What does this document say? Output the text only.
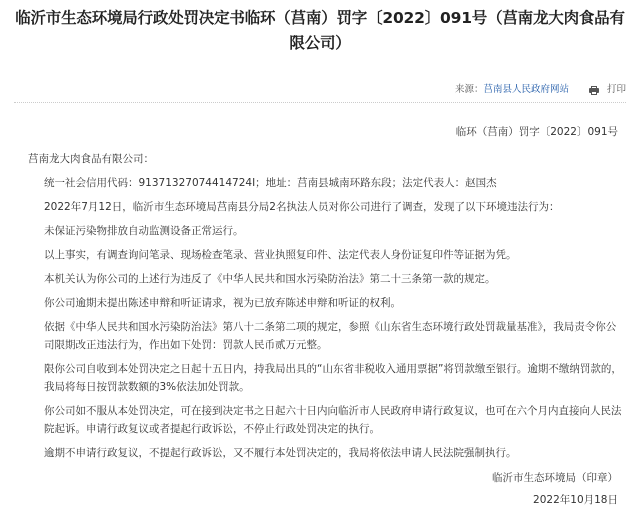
临沂市生态环境局行政处罚决定书临环（莒南）罚字〔2022〕091号（莒南龙大肉食品有限公司）
来源： 莒南县人民政府网站	打印
临环（莒南）罚字〔2022〕091号
莒南龙大肉食品有限公司：
统一社会信用代码：91371327074414724I；地址：莒南县城南环路东段；法定代表人：赵国杰
2022年7月12日，临沂市生态环境局莒南县分局2名执法人员对你公司进行了调查，发现了以下环境违法行为：
未保证污染物排放自动监测设备正常运行。
以上事实，有调查询问笔录、现场检查笔录、营业执照复印件、法定代表人身份证复印件等证据为凭。
本机关认为你公司的上述行为违反了《中华人民共和国水污染防治法》第二十三条第一款的规定。
你公司逾期未提出陈述申辩和听证请求，视为已放弃陈述申辩和听证的权利。
依据《中华人民共和国水污染防治法》第八十二条第二项的规定，参照《山东省生态环境行政处罚裁量基准》，我局责令你公司限期改正违法行为，作出如下处罚：罚款人民币贰万元整。
限你公司自收到本处罚决定之日起十五日内，持我局出具的“山东省非税收入通用票据”将罚款缴至银行。逾期不缴纳罚款的，我局将每日按罚款数额的3%依法加处罚款。
你公司如不服从本处罚决定，可在接到决定书之日起六十日内向临沂市人民政府申请行政复议，也可在六个月内直接向人民法院起诉。申请行政复议或者提起行政诉讼，不停止行政处罚决定的执行。
逾期不申请行政复议，不提起行政诉讼，又不履行本处罚决定的，我局将依法申请人民法院强制执行。
临沂市生态环境局（印章）
2022年10月18日
